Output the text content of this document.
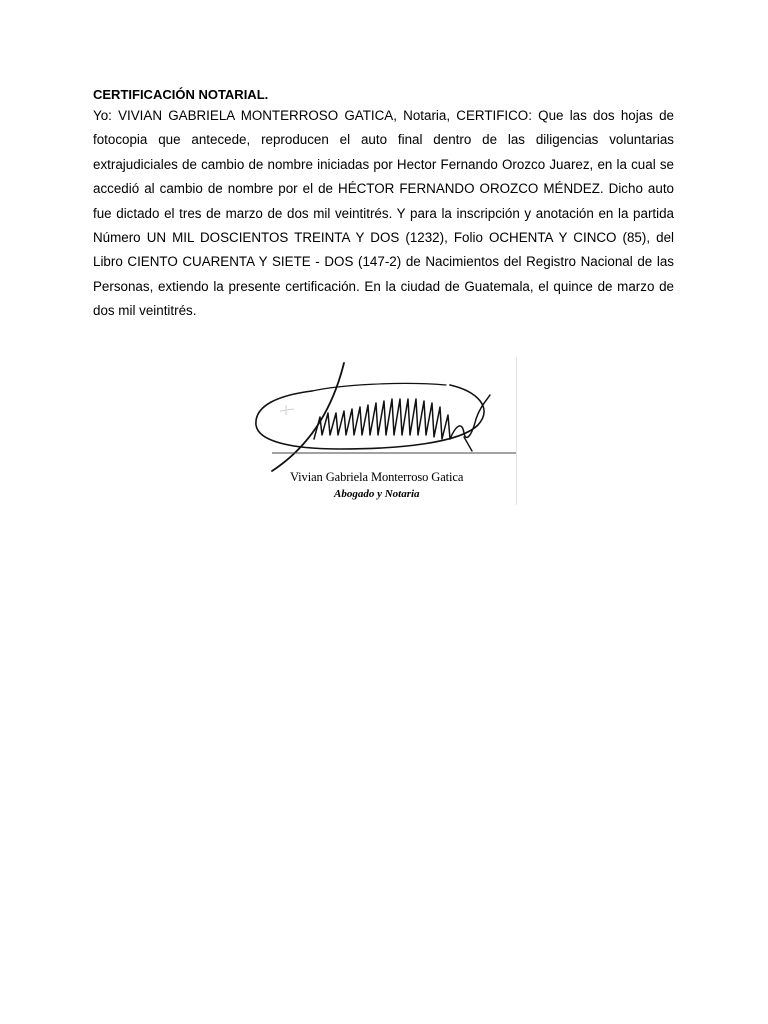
CERTIFICACIÓN NOTARIAL.

Yo: VIVIAN GABRIELA MONTERROSO GATICA, Notaria, CERTIFICO: Que las dos hojas de fotocopia que antecede, reproducen el auto final dentro de las diligencias voluntarias extrajudiciales de cambio de nombre iniciadas por Hector Fernando Orozco Juarez, en la cual se accedió al cambio de nombre por el de HÉCTOR FERNANDO OROZCO MÉNDEZ. Dicho auto fue dictado el tres de marzo de dos mil veintitrés. Y para la inscripción y anotación en la partida Número UN MIL DOSCIENTOS TREINTA Y DOS (1232), Folio OCHENTA Y CINCO (85), del Libro CIENTO CUARENTA Y SIETE - DOS (147-2) de Nacimientos del Registro Nacional de las Personas, extiendo la presente certificación. En la ciudad de Guatemala, el quince de marzo de dos mil veintitrés.

Vivian Gabriela Monterroso Gatica
Abogado y Notaria
